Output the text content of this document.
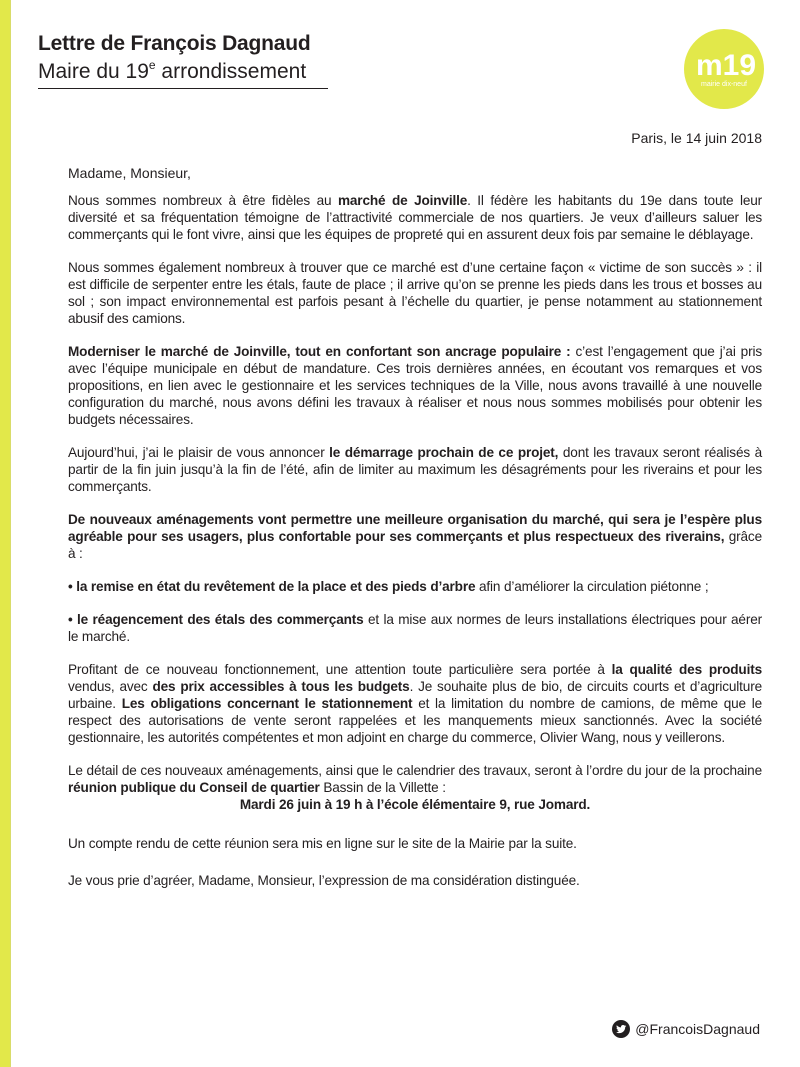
Lettre de François Dagnaud
Maire du 19e arrondissement	m19
mairie dix-neuf
Paris, le 14 juin 2018
Madame, Monsieur,

Nous sommes nombreux à être fidèles au marché de Joinville. Il fédère les habitants du 19e dans toute leur diversité et sa fréquentation témoigne de l’attractivité commerciale de nos quartiers. Je veux d’ailleurs saluer les commerçants qui le font vivre, ainsi que les équipes de propreté qui en assurent deux fois par semaine le déblayage.

Nous sommes également nombreux à trouver que ce marché est d’une certaine façon « victime de son succès » : il est difficile de serpenter entre les étals, faute de place ; il arrive qu’on se prenne les pieds dans les trous et bosses au sol ; son impact environnemental est parfois pesant à l’échelle du quartier, je pense notamment au stationnement abusif des camions.

Moderniser le marché de Joinville, tout en confortant son ancrage populaire : c’est l’engagement que j’ai pris avec l’équipe municipale en début de mandature. Ces trois dernières années, en écoutant vos remarques et vos propositions, en lien avec le gestionnaire et les services techniques de la Ville, nous avons travaillé à une nouvelle configuration du marché, nous avons défini les travaux à réaliser et nous nous sommes mobilisés pour obtenir les budgets nécessaires.

Aujourd’hui, j’ai le plaisir de vous annoncer le démarrage prochain de ce projet, dont les travaux seront réalisés à partir de la fin juin jusqu’à la fin de l’été, afin de limiter au maximum les désagréments pour les riverains et pour les commerçants.

De nouveaux aménagements vont permettre une meilleure organisation du marché, qui sera je l’espère plus agréable pour ses usagers, plus confortable pour ses commerçants et plus respectueux des riverains, grâce à :

• la remise en état du revêtement de la place et des pieds d’arbre afin d’améliorer la circulation piétonne ;

• le réagencement des étals des commerçants et la mise aux normes de leurs installations électriques pour aérer le marché.

Profitant de ce nouveau fonctionnement, une attention toute particulière sera portée à la qualité des produits vendus, avec des prix accessibles à tous les budgets. Je souhaite plus de bio, de circuits courts et d’agriculture urbaine. Les obligations concernant le stationnement et la limitation du nombre de camions, de même que le respect des autorisations de vente seront rappelées et les manquements mieux sanctionnés. Avec la société gestionnaire, les autorités compétentes et mon adjoint en charge du commerce, Olivier Wang, nous y veillerons.

Le détail de ces nouveaux aménagements, ainsi que le calendrier des travaux, seront à l’ordre du jour de la prochaine réunion publique du Conseil de quartier Bassin de la Villette :

Mardi 26 juin à 19 h à l’école élémentaire 9, rue Jomard.

Un compte rendu de cette réunion sera mis en ligne sur le site de la Mairie par la suite.

Je vous prie d’agréer, Madame, Monsieur, l’expression de ma considération distinguée.

@FrancoisDagnaud
